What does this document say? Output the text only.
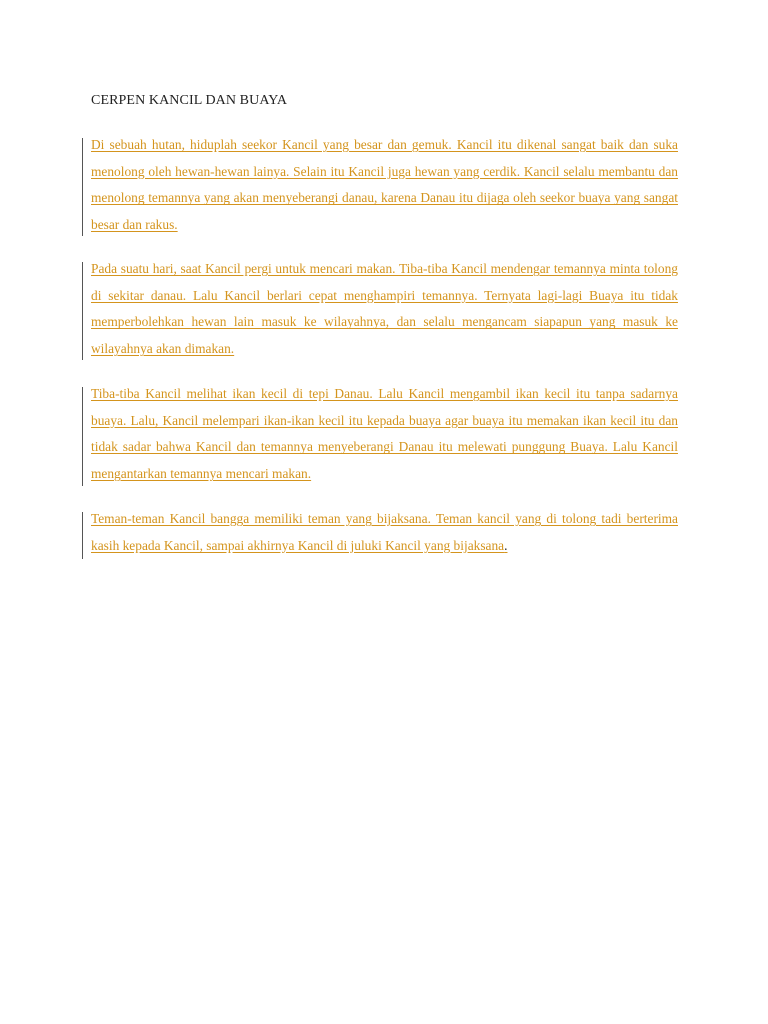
CERPEN KANCIL DAN BUAYA

Di sebuah hutan, hiduplah seekor Kancil yang besar dan gemuk. Kancil itu dikenal sangat baik dan suka menolong oleh hewan-hewan lainya. Selain itu Kancil juga hewan yang cerdik. Kancil selalu membantu dan menolong temannya yang akan menyeberangi danau, karena Danau itu dijaga oleh seekor buaya yang sangat besar dan rakus.

Pada suatu hari, saat Kancil pergi untuk mencari makan. Tiba-tiba Kancil mendengar temannya minta tolong di sekitar danau. Lalu Kancil berlari cepat menghampiri temannya. Ternyata lagi-lagi Buaya itu tidak memperbolehkan hewan lain masuk ke wilayahnya, dan selalu mengancam siapapun yang masuk ke wilayahnya akan dimakan.

Tiba-tiba Kancil melihat ikan kecil di tepi Danau. Lalu Kancil mengambil ikan kecil itu tanpa sadarnya buaya. Lalu, Kancil melempari ikan-ikan kecil itu kepada buaya agar buaya itu memakan ikan kecil itu dan tidak sadar bahwa Kancil dan temannya menyeberangi Danau itu melewati punggung Buaya. Lalu Kancil mengantarkan temannya mencari makan.

Teman-teman Kancil bangga memiliki teman yang bijaksana. Teman kancil yang di tolong tadi berterima kasih kepada Kancil, sampai akhirnya Kancil di juluki Kancil yang bijaksana.
